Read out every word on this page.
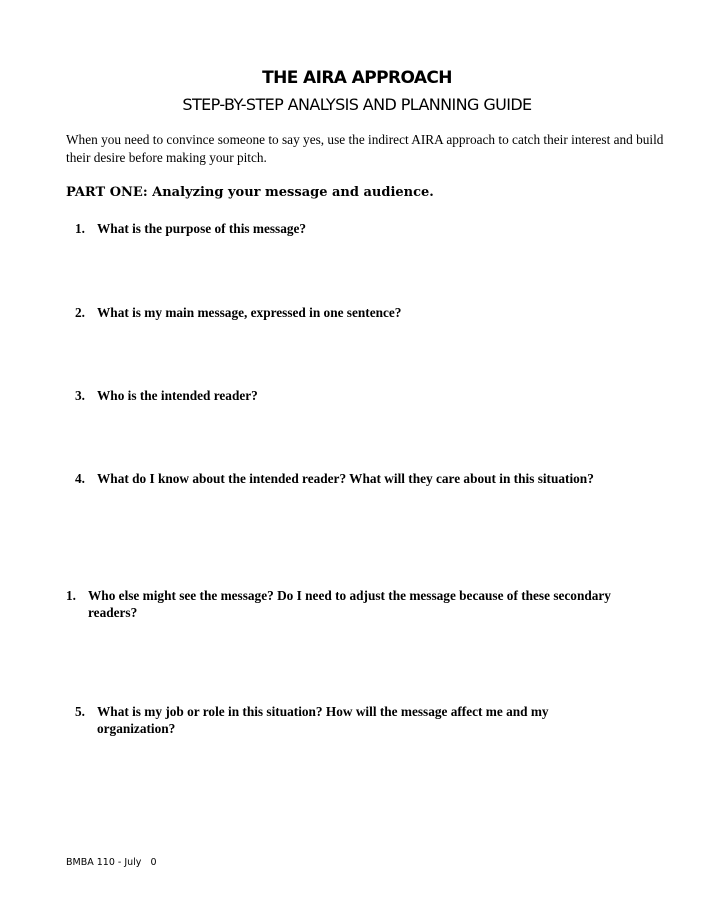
THE AIRA APPROACH
STEP-BY-STEP ANALYSIS AND PLANNING GUIDE
When you need to convince someone to say yes, use the indirect AIRA approach to catch their interest and build their desire before making your pitch.
PART ONE: Analyzing your message and audience.
1. What is the purpose of this message?
2. What is my main message, expressed in one sentence?
3. Who is the intended reader?
4. What do I know about the intended reader? What will they care about in this situation?
1. Who else might see the message? Do I need to adjust the message because of these secondary readers?
5. What is my job or role in this situation? How will the message affect me and my organization?
BMBA 110 - July   0
